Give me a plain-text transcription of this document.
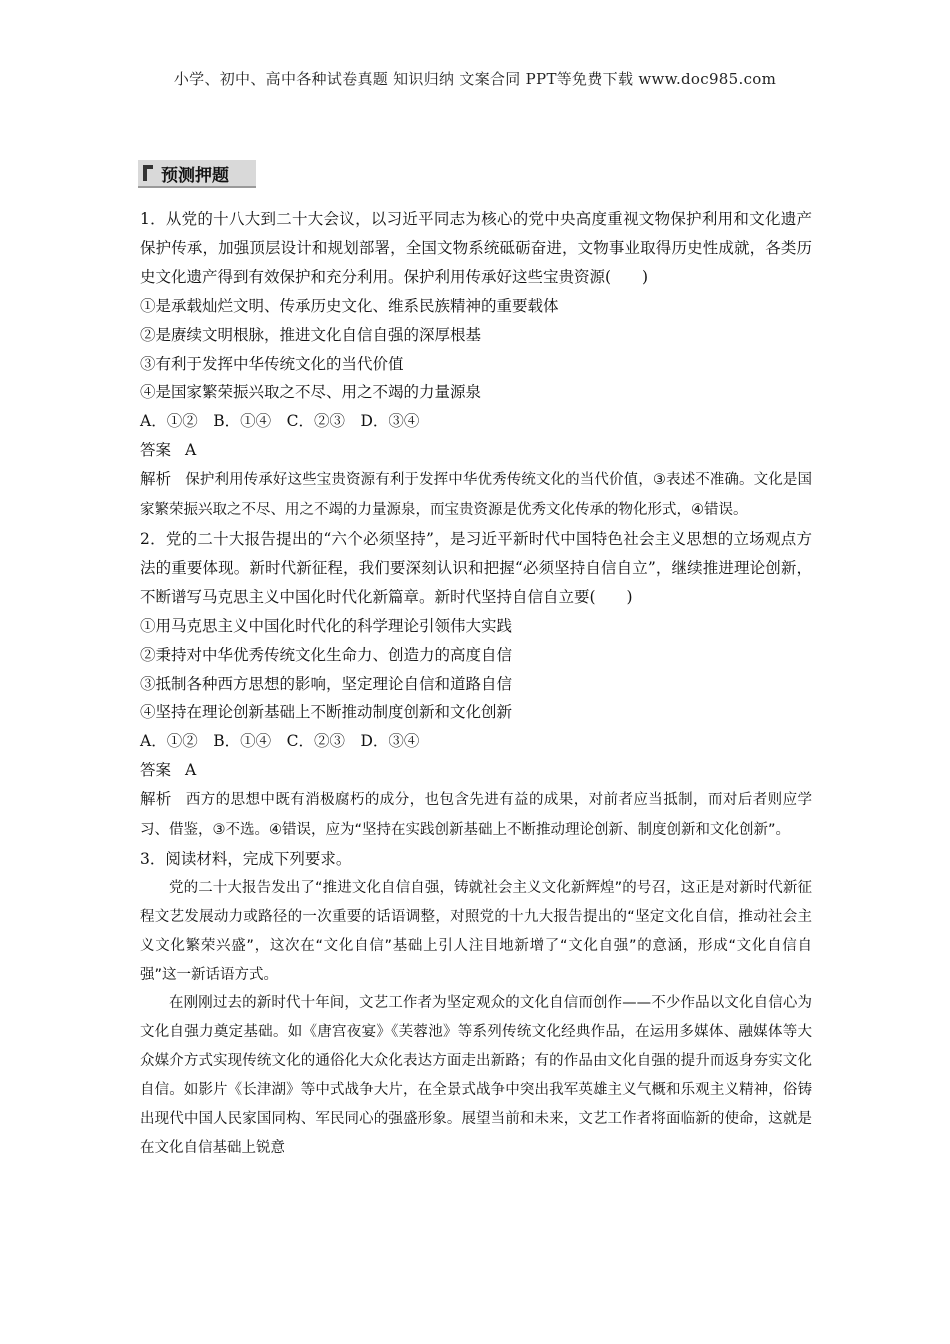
小学、初中、高中各种试卷真题 知识归纳 文案合同 PPT等免费下载 www.doc985.com
预测押题

1．从党的十八大到二十大会议，以习近平同志为核心的党中央高度重视文物保护利用和文化遗产保护传承，加强顶层设计和规划部署，全国文物系统砥砺奋进，文物事业取得历史性成就，各类历史文化遗产得到有效保护和充分利用。保护利用传承好这些宝贵资源(　　)

①是承载灿烂文明、传承历史文化、维系民族精神的重要载体

②是赓续文明根脉，推进文化自信自强的深厚根基

③有利于发挥中华传统文化的当代价值

④是国家繁荣振兴取之不尽、用之不竭的力量源泉

A．①②　B．①④　C．②③　D．③④

答案 A

解析 保护利用传承好这些宝贵资源有利于发挥中华优秀传统文化的当代价值，③表述不准确。文化是国家繁荣振兴取之不尽、用之不竭的力量源泉，而宝贵资源是优秀文化传承的物化形式，④错误。

2．党的二十大报告提出的“六个必须坚持”，是习近平新时代中国特色社会主义思想的立场观点方法的重要体现。新时代新征程，我们要深刻认识和把握“必须坚持自信自立”，继续推进理论创新，不断谱写马克思主义中国化时代化新篇章。新时代坚持自信自立要(　　)

①用马克思主义中国化时代化的科学理论引领伟大实践

②秉持对中华优秀传统文化生命力、创造力的高度自信

③抵制各种西方思想的影响，坚定理论自信和道路自信

④坚持在理论创新基础上不断推动制度创新和文化创新

A．①②　B．①④　C．②③　D．③④

答案 A

解析 西方的思想中既有消极腐朽的成分，也包含先进有益的成果，对前者应当抵制，而对后者则应学习、借鉴，③不选。④错误，应为“坚持在实践创新基础上不断推动理论创新、制度创新和文化创新”。

3．阅读材料，完成下列要求。

党的二十大报告发出了“推进文化自信自强，铸就社会主义文化新辉煌”的号召，这正是对新时代新征程文艺发展动力或路径的一次重要的话语调整，对照党的十九大报告提出的“坚定文化自信，推动社会主义文化繁荣兴盛”，这次在“文化自信”基础上引人注目地新增了“文化自强”的意涵，形成“文化自信自强”这一新话语方式。

在刚刚过去的新时代十年间，文艺工作者为坚定观众的文化自信而创作——不少作品以文化自信心为文化自强力奠定基础。如《唐宫夜宴》《芙蓉池》等系列传统文化经典作品，在运用多媒体、融媒体等大众媒介方式实现传统文化的通俗化大众化表达方面走出新路；有的作品由文化自强的提升而返身夯实文化自信。如影片《长津湖》等中式战争大片，在全景式战争中突出我军英雄主义气概和乐观主义精神，俗铸出现代中国人民家国同构、军民同心的强盛形象。展望当前和未来，文艺工作者将面临新的使命，这就是在文化自信基础上锐意
